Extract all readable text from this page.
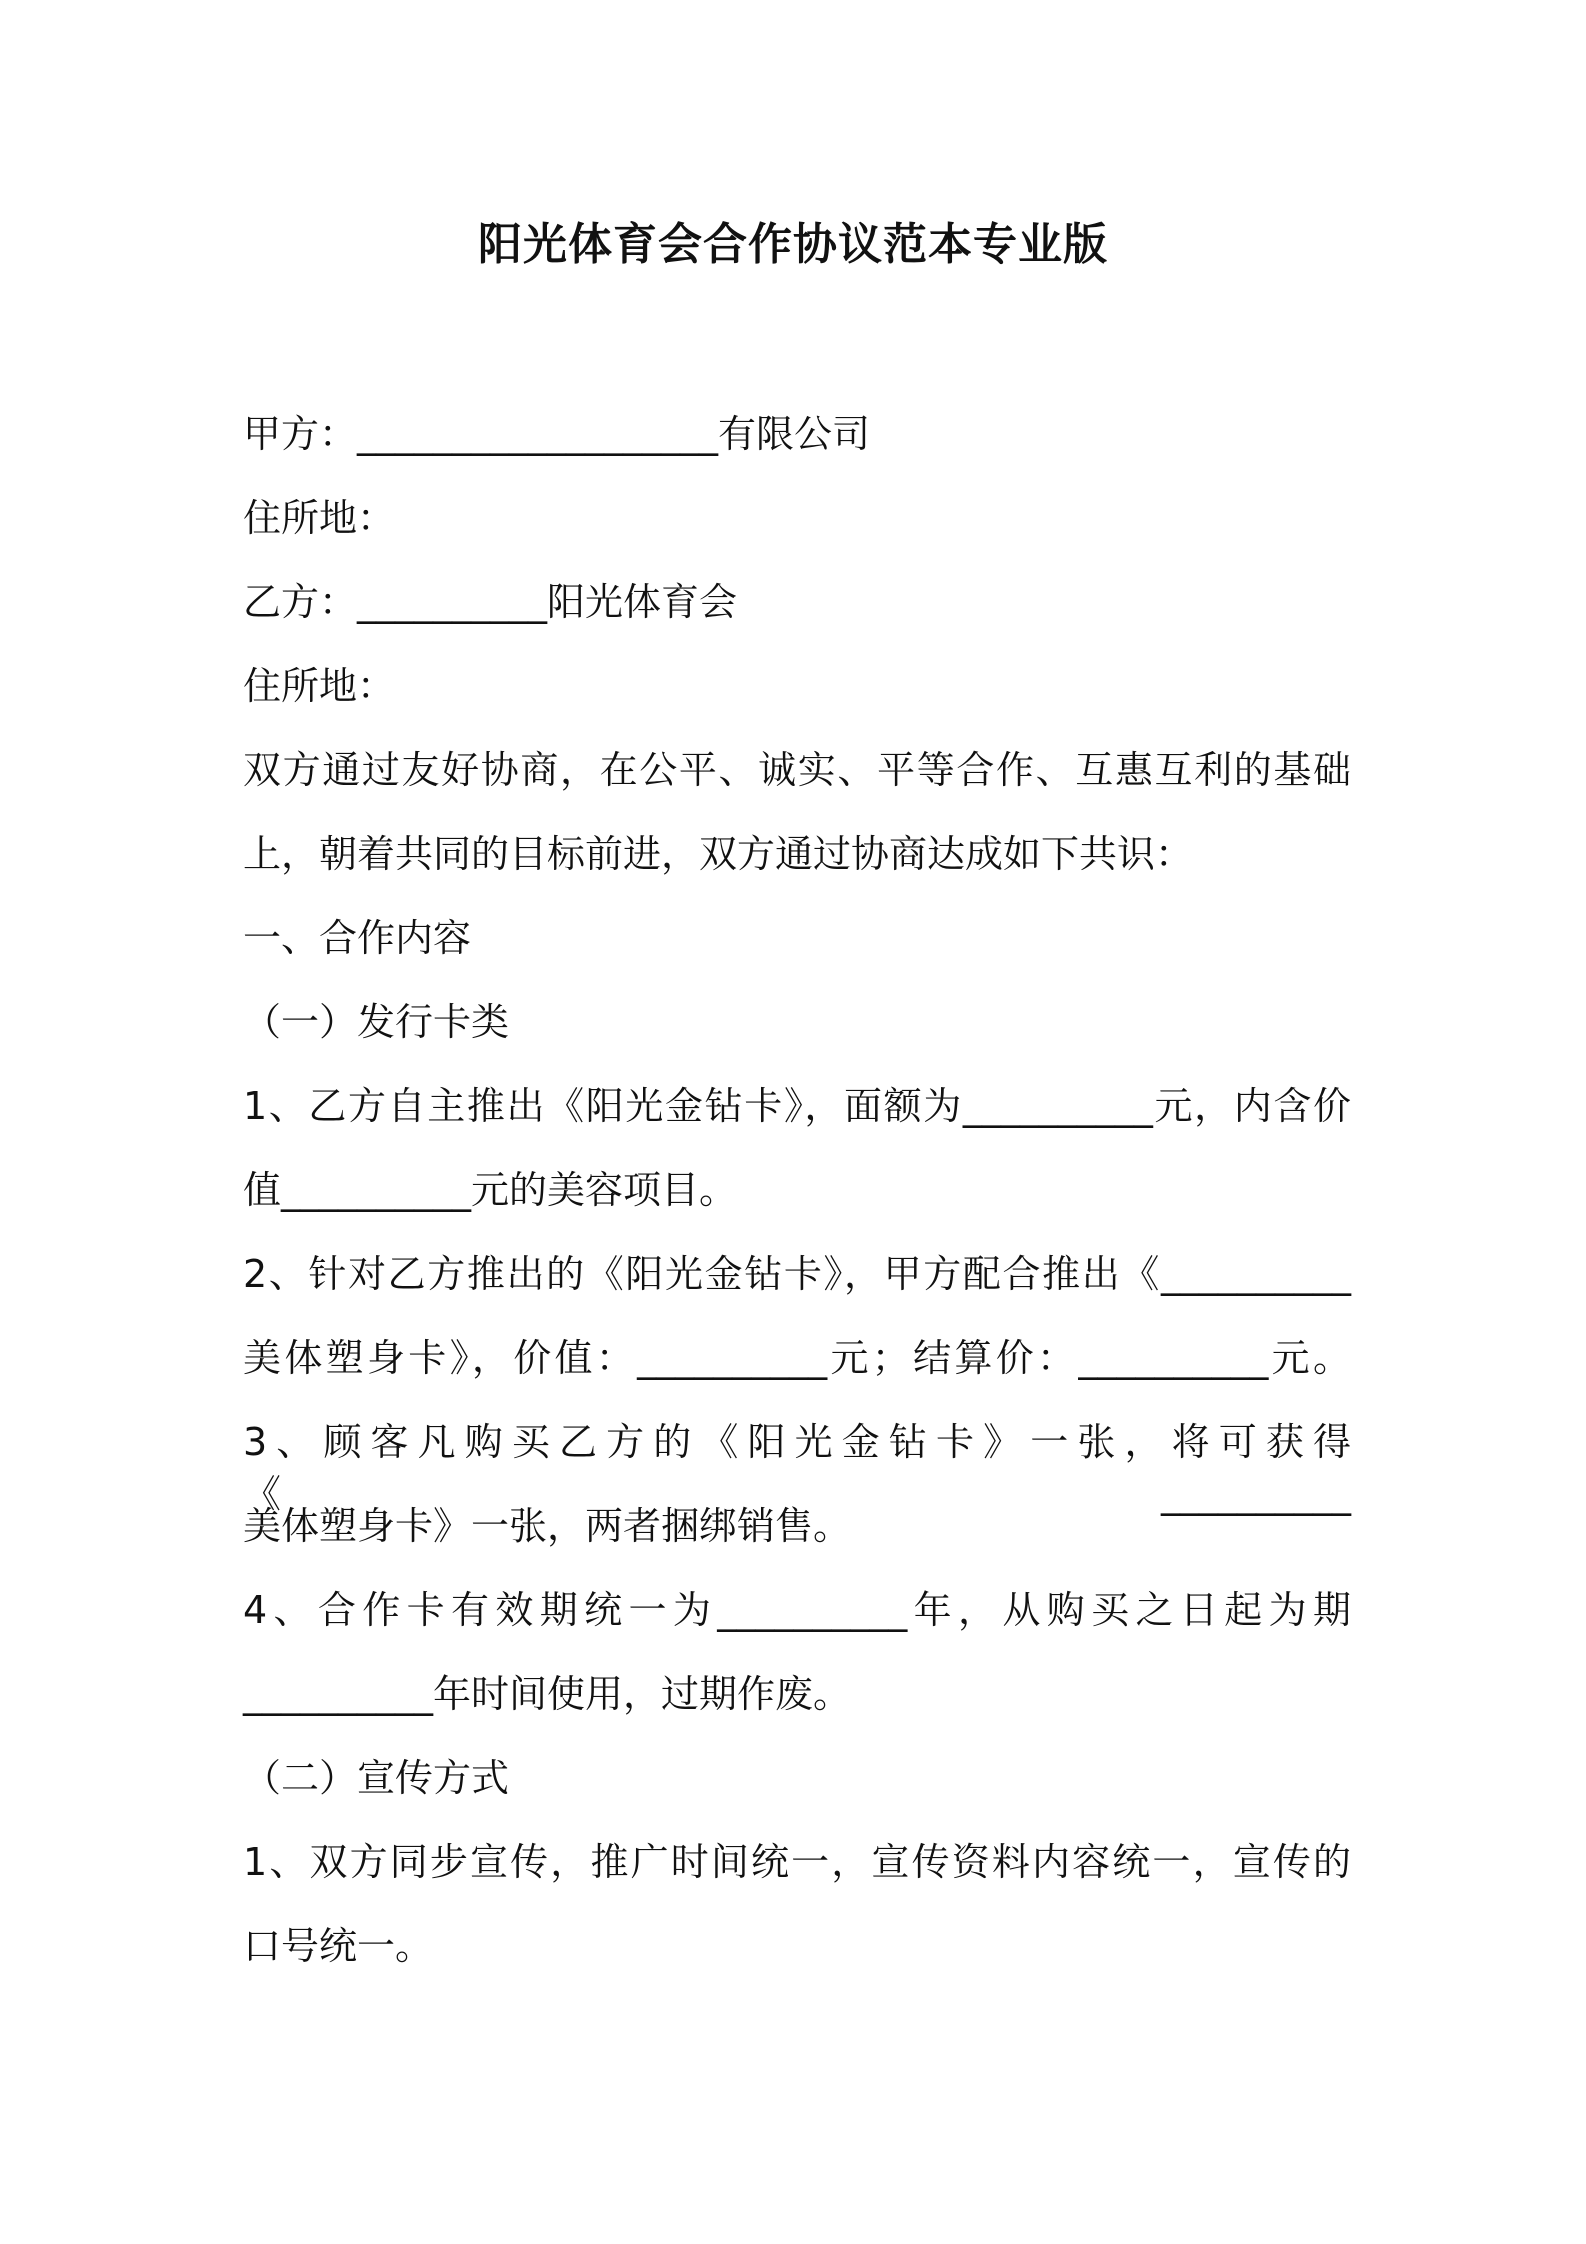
阳光体育会合作协议范本专业版
甲方：___________________有限公司
住所地：
乙方：__________阳光体育会
住所地：
双方通过友好协商，在公平、诚实、平等合作、互惠互利的基础
上，朝着共同的目标前进，双方通过协商达成如下共识：
一、合作内容
（一）发行卡类
1、乙方自主推出《阳光金钻卡》，面额为__________元，内含价
值__________元的美容项目。
2、针对乙方推出的《阳光金钻卡》，甲方配合推出《__________
美体塑身卡》，价值：__________元；结算价：__________元。
3、顾客凡购买乙方的《阳光金钻卡》一张，将可获得《__________
美体塑身卡》一张，两者捆绑销售。
4、合作卡有效期统一为__________年，从购买之日起为期
__________年时间使用，过期作废。
（二）宣传方式
1、双方同步宣传，推广时间统一，宣传资料内容统一，宣传的
口号统一。
